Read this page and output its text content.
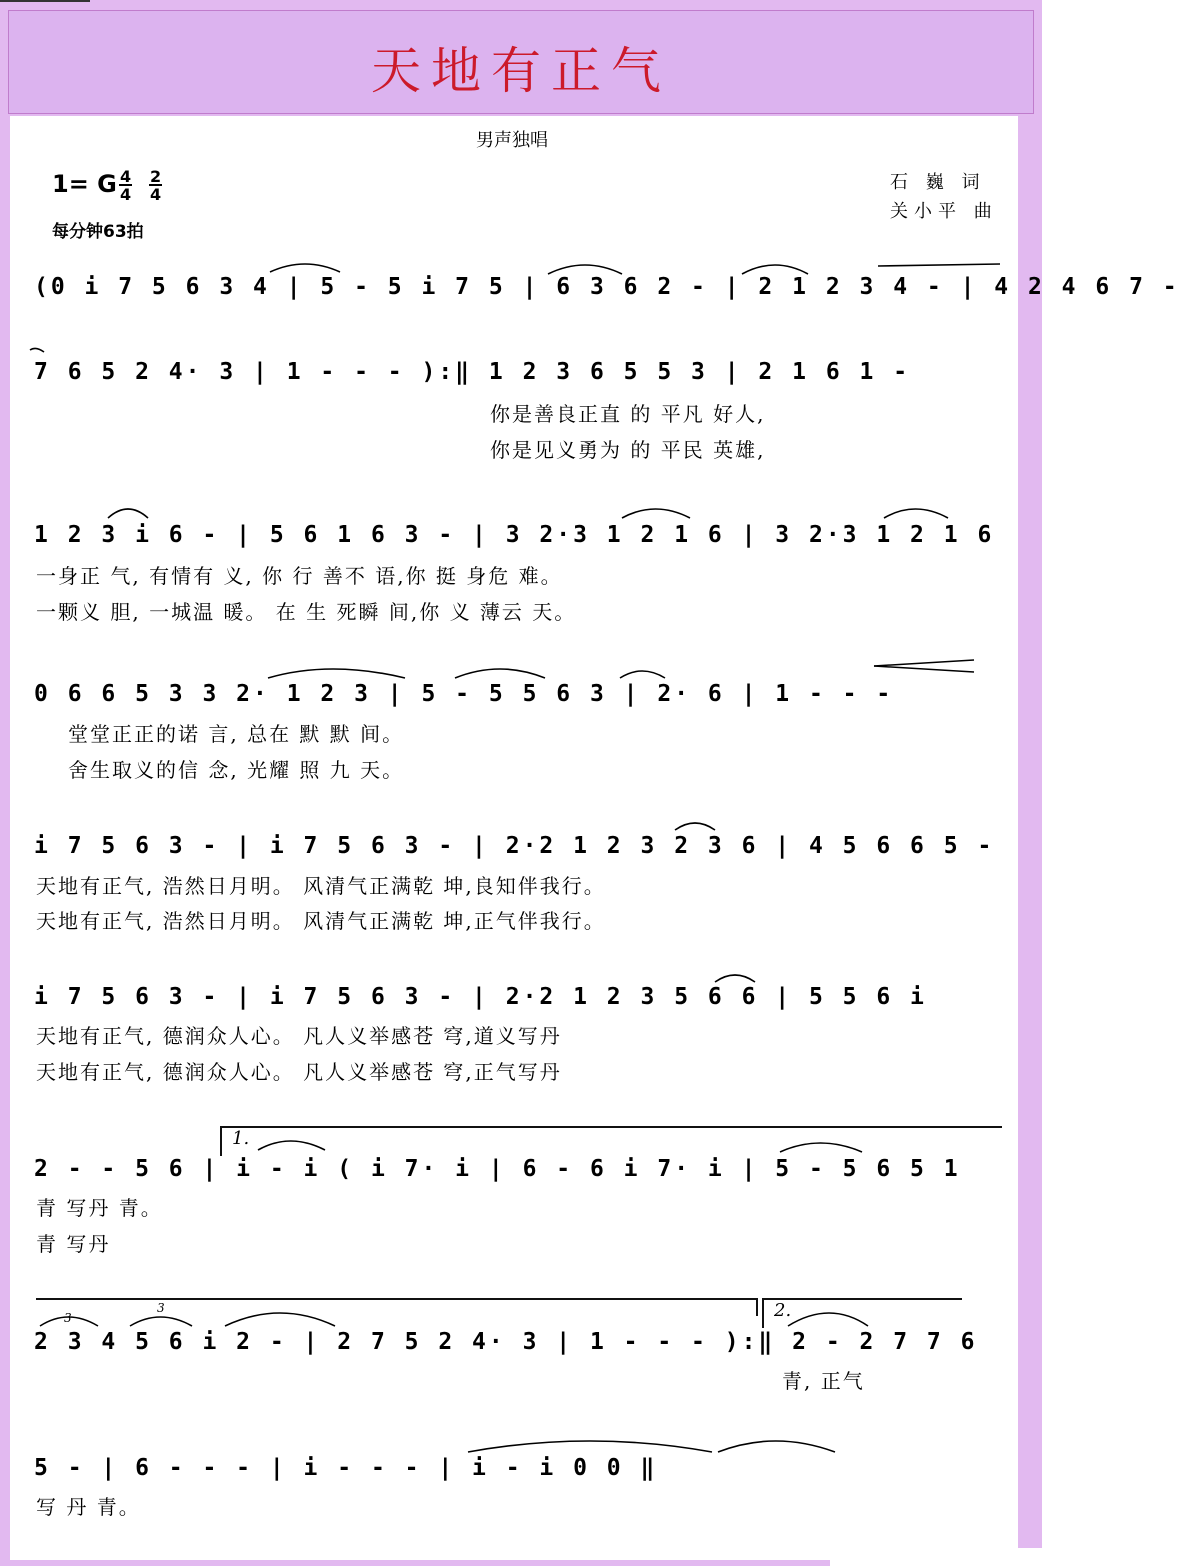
天地有正气
男声独唱
1= G 4
4
2
4
每分钟63拍
石 巍 词
关小平 曲
(0 i 7 5 6 3 4 | 5 - 5 i 7 5 | 6 3 6 2 - | 2 1 2 3 4 - | 4 2 4 6 7 -
7 6 5 2 4· 3 | 1 - - - ):‖ 1 2 3 6 5 5 3 | 2 1 6 1 -
你是善良正直 的 平凡 好人,
你是见义勇为 的 平民 英雄,
1 2 3 i 6 - | 5 6 1 6 3 - | 3 2·3 1 2 1 6 | 3 2·3 1 2 1 6
一身正 气, 有情有 义, 你 行 善不 语,你 挺 身危 难。
一颗义 胆, 一城温 暖。 在 生 死瞬 间,你 义 薄云 天。
0 6 6 5 3 3 2· 1 2 3 | 5 - 5 5 6 3 | 2· 6 | 1 - - -
堂堂正正的诺 言, 总在 默 默 间。
舍生取义的信 念, 光耀 照 九 天。
i 7 5 6 3 - | i 7 5 6 3 - | 2·2 1 2 3 2 3 6 | 4 5 6 6 5 -
天地有正气, 浩然日月明。 风清气正满乾 坤,良知伴我行。
天地有正气, 浩然日月明。 风清气正满乾 坤,正气伴我行。
i 7 5 6 3 - | i 7 5 6 3 - | 2·2 1 2 3 5 6 6 | 5 5 6 i
天地有正气, 德润众人心。 凡人义举感苍 穹,道义写丹
天地有正气, 德润众人心。 凡人义举感苍 穹,正气写丹
1.
2 - - 5 6 | i - i ( i 7· i | 6 - 6 i 7· i | 5 - 5 6 5 1
青 写丹 青。
青 写丹
2.
2 3 4 5 6 i 2 - | 2 7 5 2 4· 3 | 1 - - - ):‖ 2 - 2 7 7 6
青, 正气
5 - | 6 - - - | i - - - | i - i 0 0 ‖
写 丹 青。
3
3
